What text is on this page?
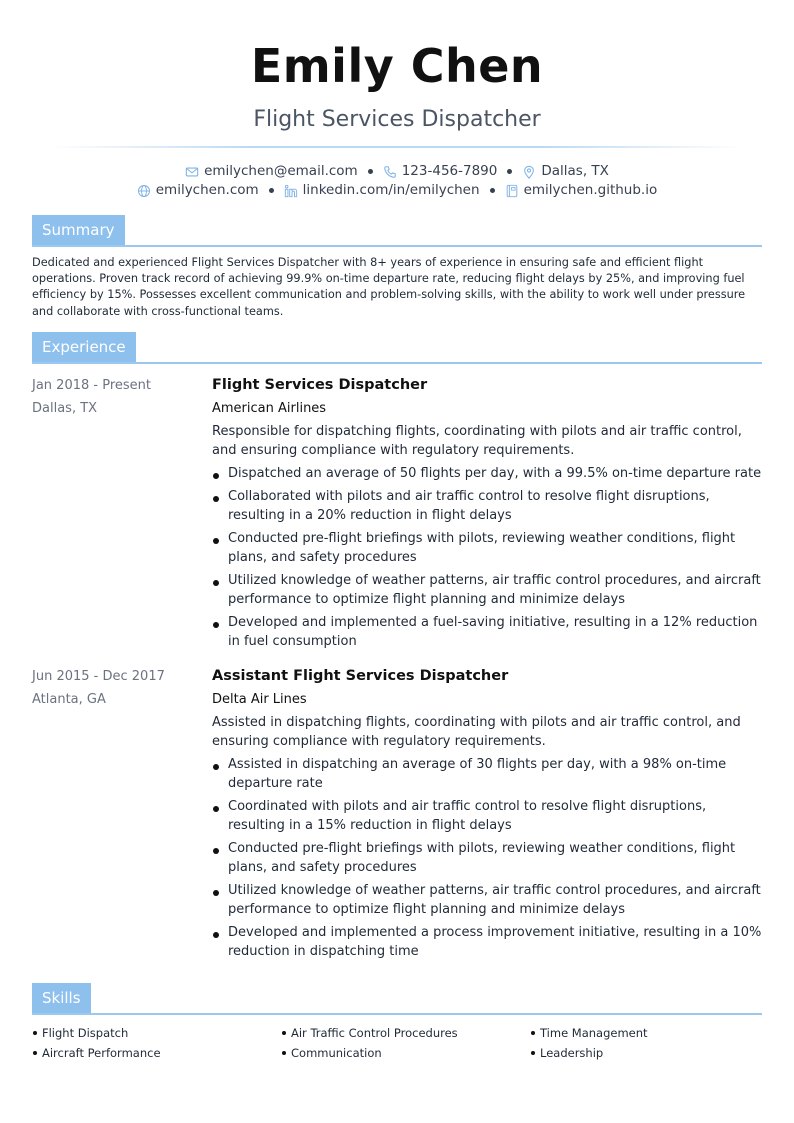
Emily Chen
Flight Services Dispatcher
emilychen@email.com	123-456-7890	Dallas, TX
emilychen.com	linkedin.com/in/emilychen	emilychen.github.io
Summary
Dedicated and experienced Flight Services Dispatcher with 8+ years of experience in ensuring safe and efficient flight operations. Proven track record of achieving 99.9% on-time departure rate, reducing flight delays by 25%, and improving fuel efficiency by 15%. Possesses excellent communication and problem-solving skills, with the ability to work well under pressure and collaborate with cross-functional teams.
Experience
Jan 2018 - Present
Dallas, TX
Flight Services Dispatcher
American Airlines
Responsible for dispatching flights, coordinating with pilots and air traffic control, and ensuring compliance with regulatory requirements.
Dispatched an average of 50 flights per day, with a 99.5% on-time departure rate
Collaborated with pilots and air traffic control to resolve flight disruptions, resulting in a 20% reduction in flight delays
Conducted pre-flight briefings with pilots, reviewing weather conditions, flight plans, and safety procedures
Utilized knowledge of weather patterns, air traffic control procedures, and aircraft performance to optimize flight planning and minimize delays
Developed and implemented a fuel-saving initiative, resulting in a 12% reduction in fuel consumption
Jun 2015 - Dec 2017
Atlanta, GA
Assistant Flight Services Dispatcher
Delta Air Lines
Assisted in dispatching flights, coordinating with pilots and air traffic control, and ensuring compliance with regulatory requirements.
Assisted in dispatching an average of 30 flights per day, with a 98% on-time departure rate
Coordinated with pilots and air traffic control to resolve flight disruptions, resulting in a 15% reduction in flight delays
Conducted pre-flight briefings with pilots, reviewing weather conditions, flight plans, and safety procedures
Utilized knowledge of weather patterns, air traffic control procedures, and aircraft performance to optimize flight planning and minimize delays
Developed and implemented a process improvement initiative, resulting in a 10% reduction in dispatching time
Skills
Flight Dispatch	Air Traffic Control Procedures	Time Management
Aircraft Performance	Communication	Leadership
